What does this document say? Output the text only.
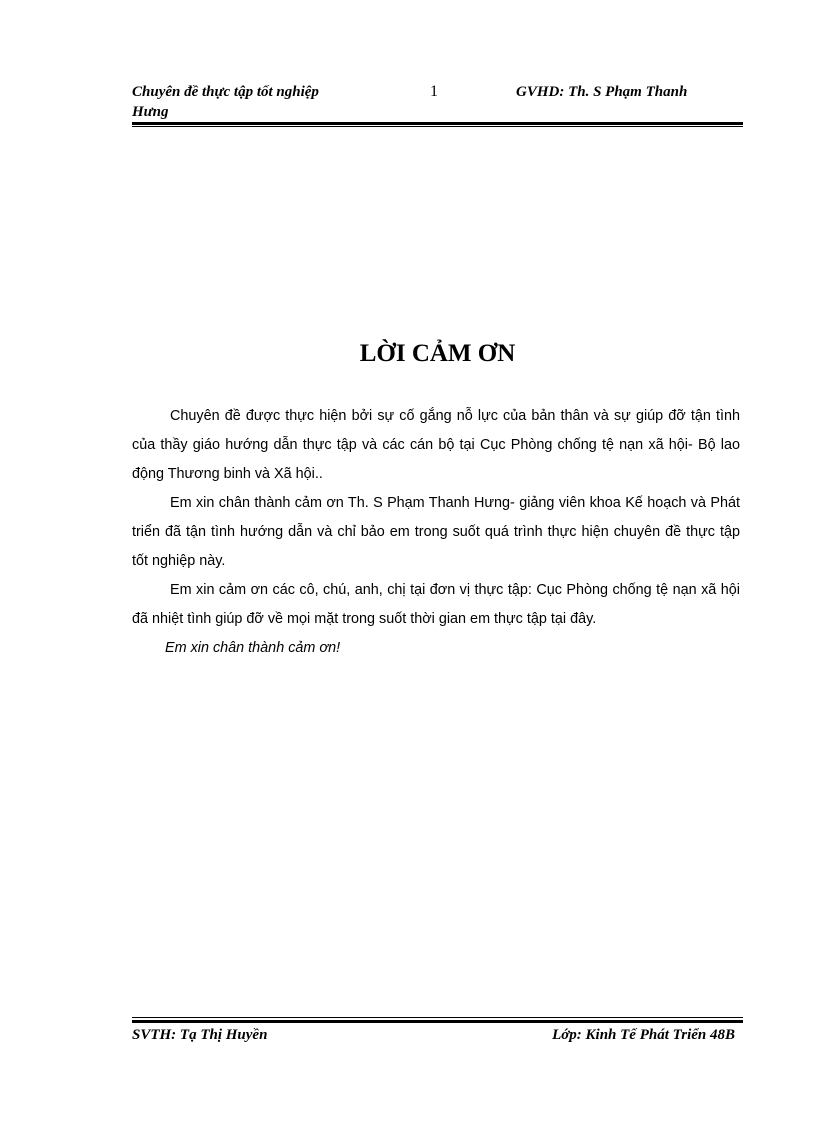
Chuyên đề thực tập tốt nghiệp
Hưng
1	GVHD: Th. S Phạm Thanh
LỜI CẢM ƠN

Chuyên đề được thực hiện bởi sự cố gắng nỗ lực của bản thân và sự giúp đỡ tận tình của thầy giáo hướng dẫn thực tập và các cán bộ tại Cục Phòng chống tệ nạn xã hội- Bộ lao động Thương binh và Xã hội..

Em xin chân thành cảm ơn Th. S Phạm Thanh Hưng- giảng viên khoa Kế hoạch và Phát triển đã tận tình hướng dẫn và chỉ bảo em trong suốt quá trình thực hiện chuyên đề thực tập tốt nghiệp này.

Em xin cảm ơn các cô, chú, anh, chị tại đơn vị thực tập: Cục Phòng chống tệ nạn xã hội đã nhiệt tình giúp đỡ về mọi mặt trong suốt thời gian em thực tập tại đây.

Em xin chân thành cảm ơn!

SVTH: Tạ Thị Huyền	Lớp: Kinh Tế Phát Triển 48B
